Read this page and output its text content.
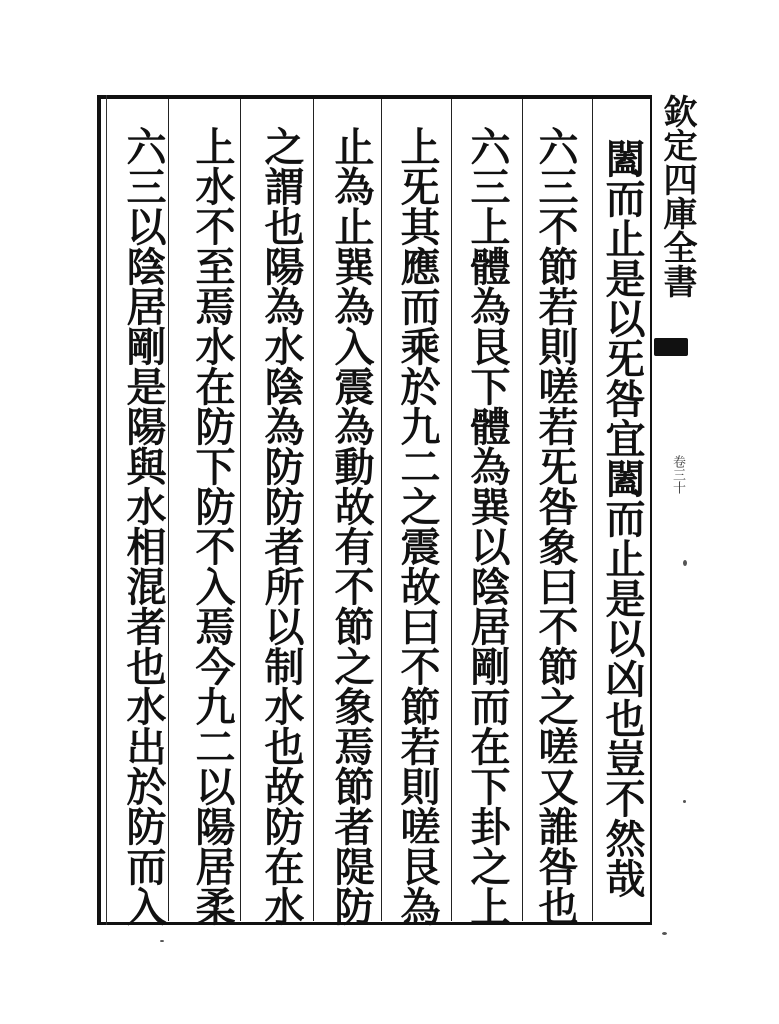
闔而止是以旡咎宜闔而止是以凶也豈不然哉
六三不節若則嗟若旡咎象曰不節之嗟又誰咎也
六三上體為艮下體為巽以陰居剛而在下卦之上
上旡其應而乘於九二之震故曰不節若則嗟艮為
止為止巽為入震為動故有不節之象焉節者隄防
之謂也陽為水陰為防防者所以制水也故防在水
上水不至焉水在防下防不入焉今九二以陽居柔
六三以陰居剛是陽與水相混者也水出於防而入	欽定四庫全書
卷三十
